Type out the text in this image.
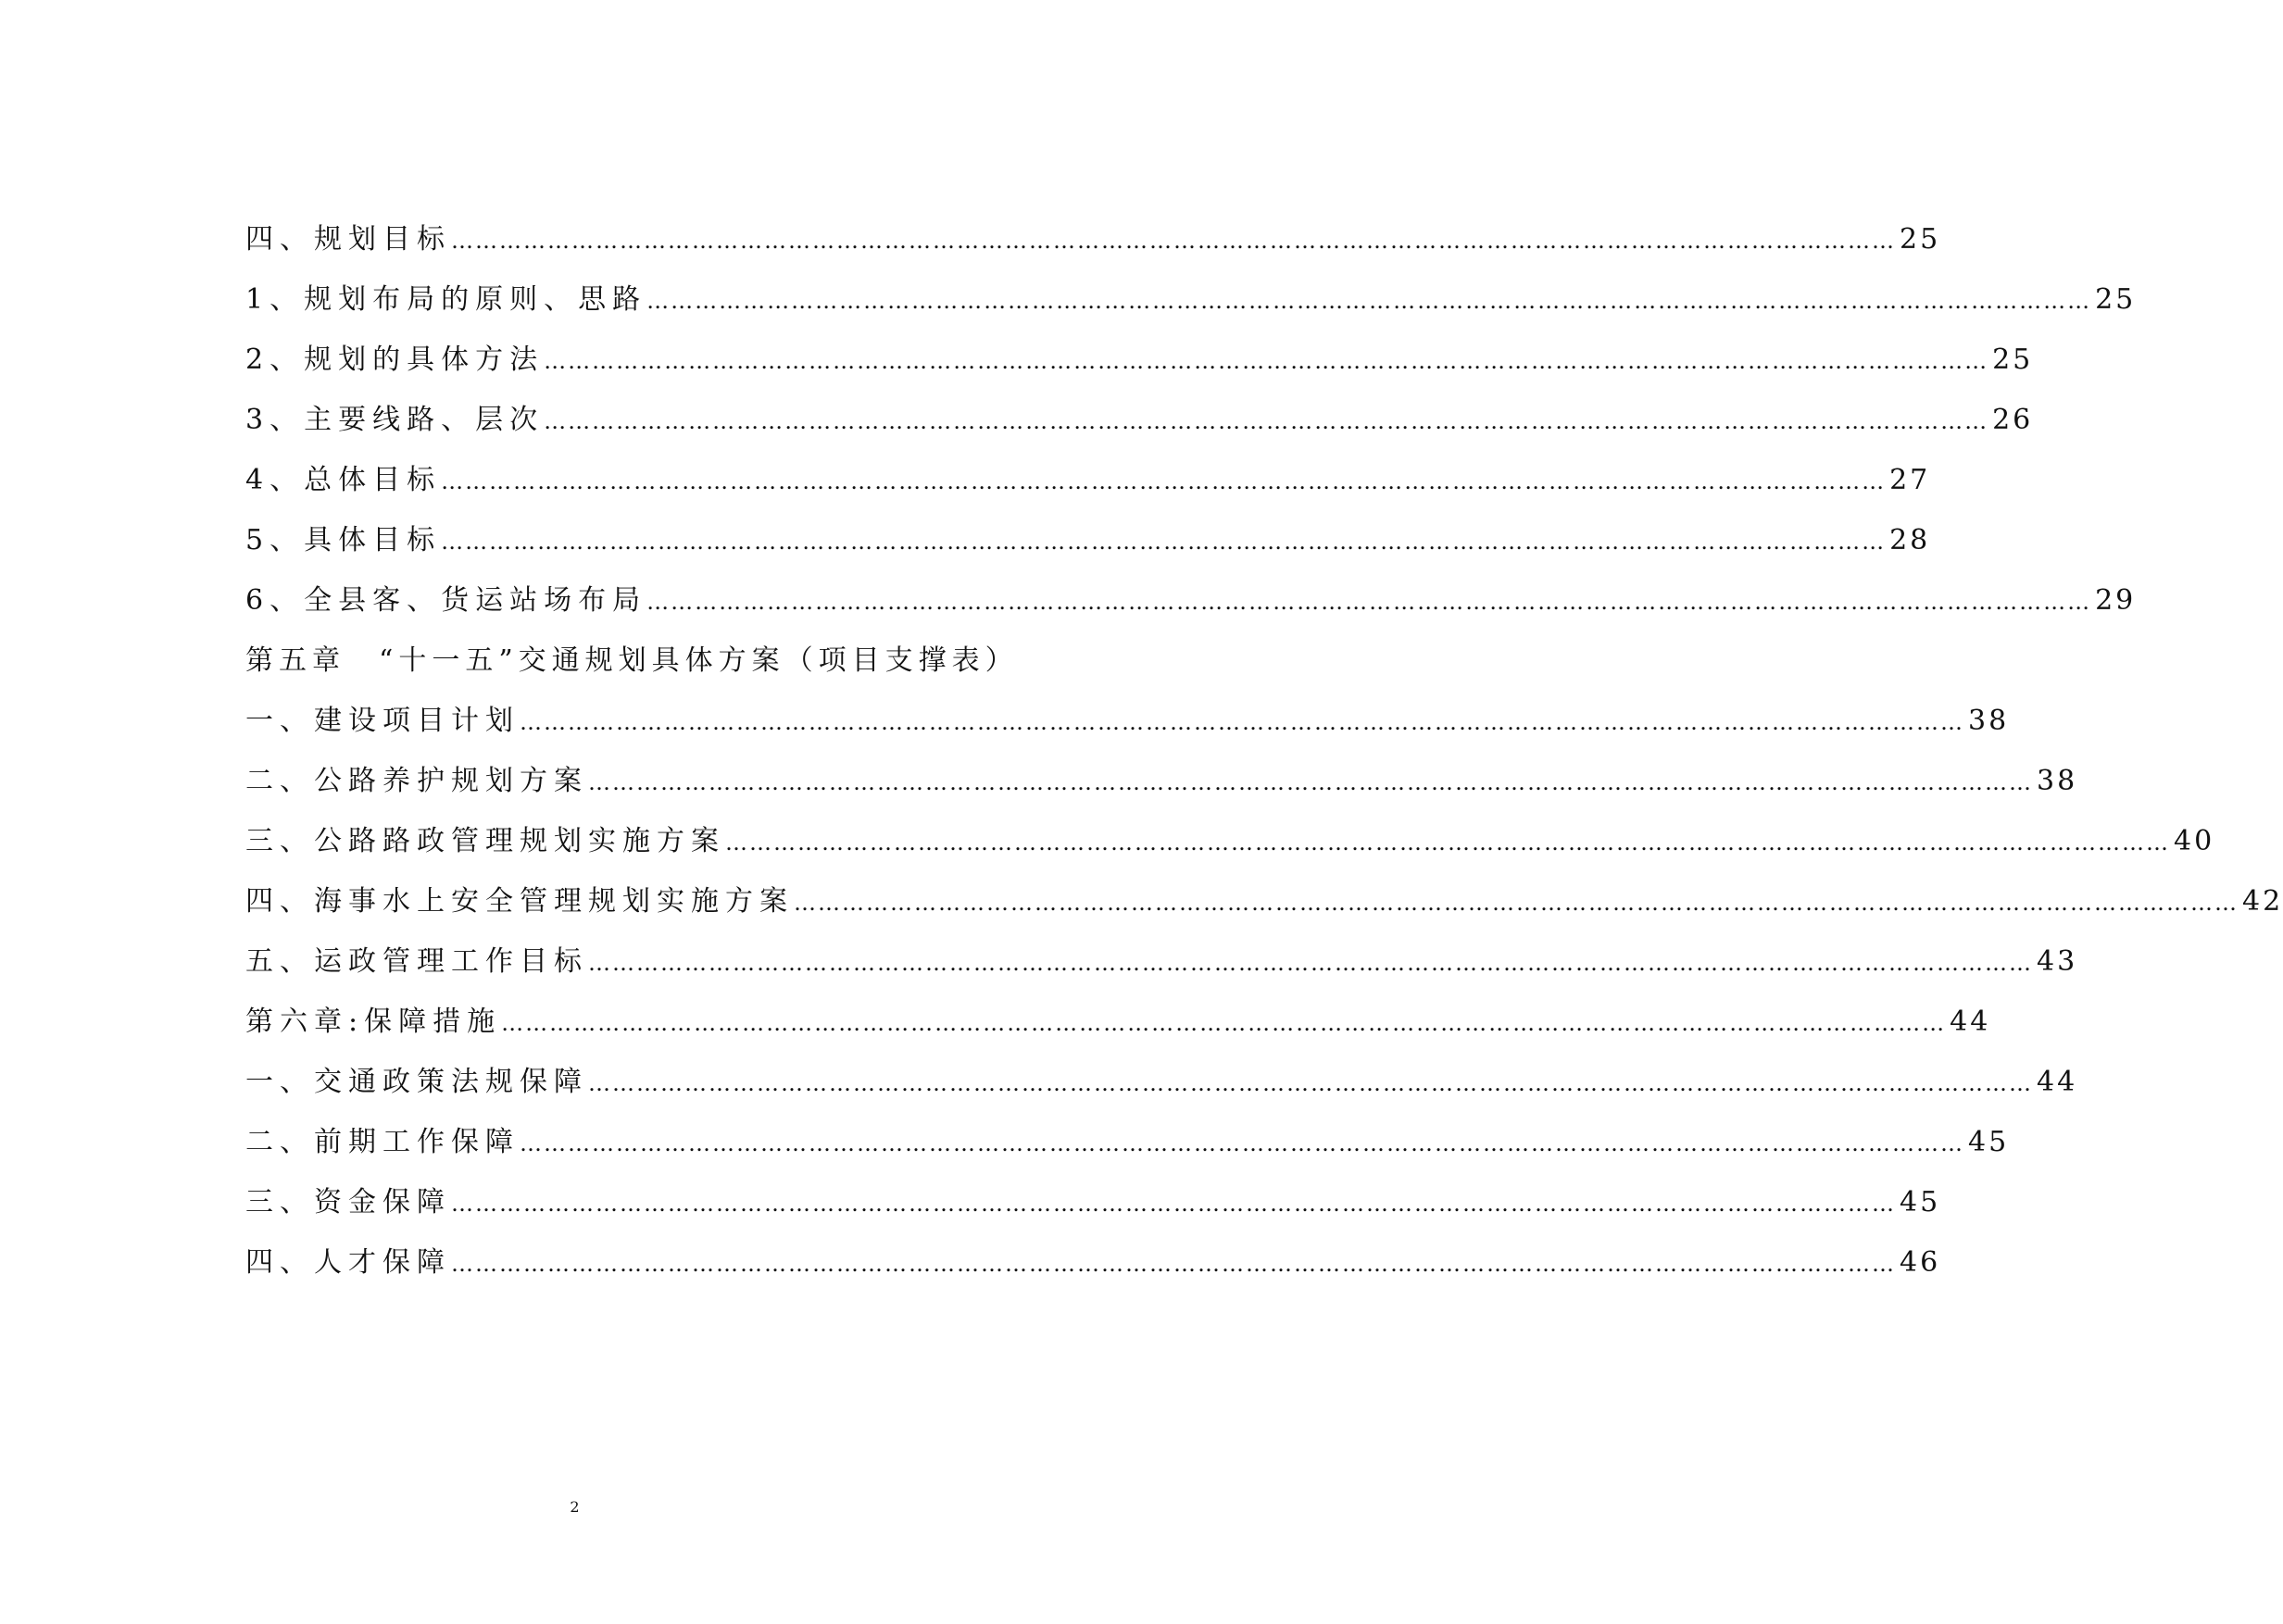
四、规划目标 ……………………………………………………………………………………………………………………………………………………………… 25
1、规划布局的原则、思路 ……………………………………………………………………………………………………………………………………………………………… 25
2、规划的具体方法 ……………………………………………………………………………………………………………………………………………………………… 25
3、主要线路、层次 ……………………………………………………………………………………………………………………………………………………………… 26
4、总体目标 ……………………………………………………………………………………………………………………………………………………………… 27
5、具体目标 ……………………………………………………………………………………………………………………………………………………………… 28
6、全县客、货运站场布局 ……………………………………………………………………………………………………………………………………………………………… 29
第五章　“十一五”交通规划具体方案（项目支撑表）
一、建设项目计划 ……………………………………………………………………………………………………………………………………………………………… 38
二、公路养护规划方案 ……………………………………………………………………………………………………………………………………………………………… 38
三、公路路政管理规划实施方案 ……………………………………………………………………………………………………………………………………………………………… 40
四、海事水上安全管理规划实施方案 ……………………………………………………………………………………………………………………………………………………………… 42
五、运政管理工作目标 ……………………………………………………………………………………………………………………………………………………………… 43
第六章:保障措施 ……………………………………………………………………………………………………………………………………………………………… 44
一、交通政策法规保障 ……………………………………………………………………………………………………………………………………………………………… 44
二、前期工作保障 ……………………………………………………………………………………………………………………………………………………………… 45
三、资金保障 ……………………………………………………………………………………………………………………………………………………………… 45
四、人才保障 ……………………………………………………………………………………………………………………………………………………………… 46
2
